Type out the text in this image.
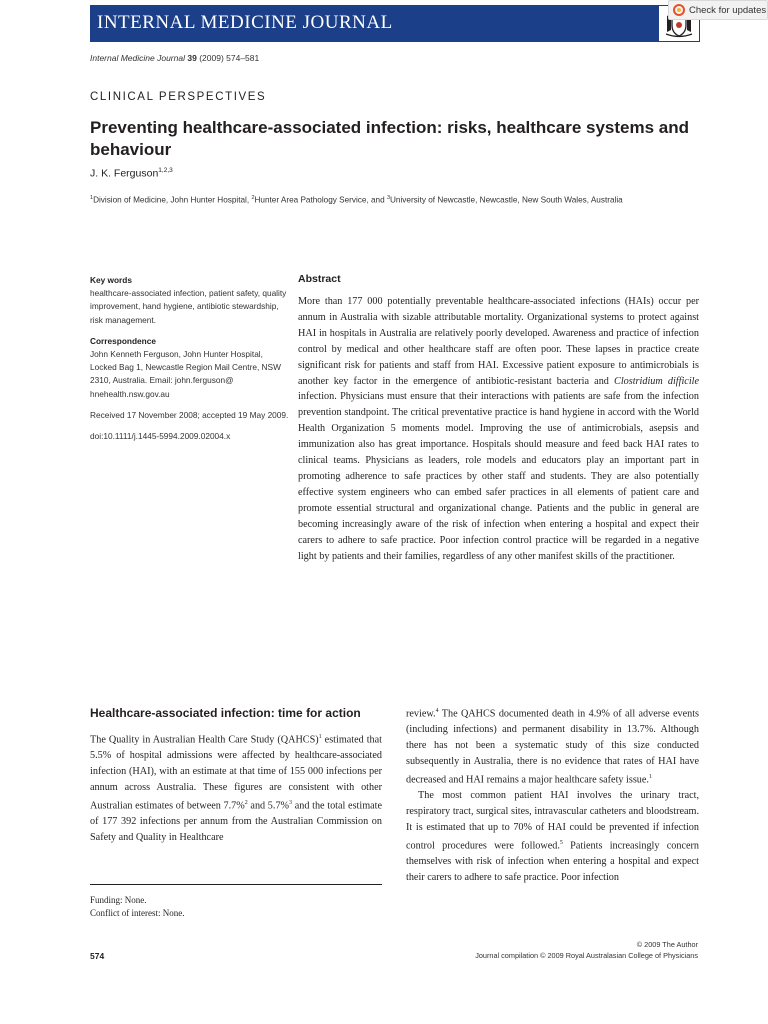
INTERNAL MEDICINE JOURNAL
Check for updates
Internal Medicine Journal 39 (2009) 574–581
CLINICAL PERSPECTIVES
Preventing healthcare-associated infection: risks, healthcare systems and behaviour
J. K. Ferguson$^{1,2,3}$
$^1$Division of Medicine, John Hunter Hospital, $^2$Hunter Area Pathology Service, and $^3$University of Newcastle, Newcastle, New South Wales, Australia
Key words
healthcare-associated infection, patient safety, quality improvement, hand hygiene, antibiotic stewardship, risk management.
Correspondence
John Kenneth Ferguson, John Hunter Hospital, Locked Bag 1, Newcastle Region Mail Centre, NSW 2310, Australia. Email: john.ferguson@ hnehealth.nsw.gov.au
Received 17 November 2008; accepted 19 May 2009.
doi:10.1111/j.1445-5994.2009.02004.x
Abstract
More than 177 000 potentially preventable healthcare-associated infections (HAIs) occur per annum in Australia with sizable attributable mortality. Organizational systems to protect against HAI in hospitals in Australia are relatively poorly developed. Awareness and practice of infection control by medical and other healthcare staff are often poor. These lapses in practice create significant risk for patients and staff from HAI. Excessive patient exposure to antimicrobials is another key factor in the emergence of antibiotic-resistant bacteria and Clostridium difficile infection. Physicians must ensure that their interactions with patients are safe from the infection prevention standpoint. The critical preventative practice is hand hygiene in accord with the World Health Organization 5 moments model. Improving the use of antimicrobials, asepsis and immunization also has great importance. Hospitals should measure and feed back HAI rates to clinical teams. Physicians as leaders, role models and educators play an important part in promoting adherence to safe practices by other staff and students. They are also potentially effective system engineers who can embed safer practices in all elements of patient care and promote essential structural and organizational change. Patients and the public in general are becoming increasingly aware of the risk of infection when entering a hospital and expect their carers to adhere to safe practice. Poor infection control practice will be regarded in a negative light by patients and their families, regardless of any other manifest skills of the practitioner.
Healthcare-associated infection: time for action
The Quality in Australian Health Care Study (QAHCS)$^1$ estimated that 5.5% of hospital admissions were affected by healthcare-associated infection (HAI), with an estimate at that time of 155 000 infections per annum across Australia. These figures are consistent with other Australian estimates of between 7.7%$^2$ and 5.7%$^3$ and the total estimate of 177 392 infections per annum from the Australian Commission on Safety and Quality in Healthcare
Funding: None.
Conflict of interest: None.
review.$^4$ The QAHCS documented death in 4.9% of all adverse events (including infections) and permanent disability in 13.7%. Although there has not been a systematic study of this size conducted subsequently in Australia, there is no evidence that rates of HAI have decreased and HAI remains a major healthcare safety issue.$^1$
The most common patient HAI involves the urinary tract, respiratory tract, surgical sites, intravascular catheters and bloodstream. It is estimated that up to 70% of HAI could be prevented if infection control procedures were followed.$^5$ Patients increasingly concern themselves with risk of infection when entering a hospital and expect their carers to adhere to safe practice. Poor infection
574
© 2009 The Author
Journal compilation © 2009 Royal Australasian College of Physicians
